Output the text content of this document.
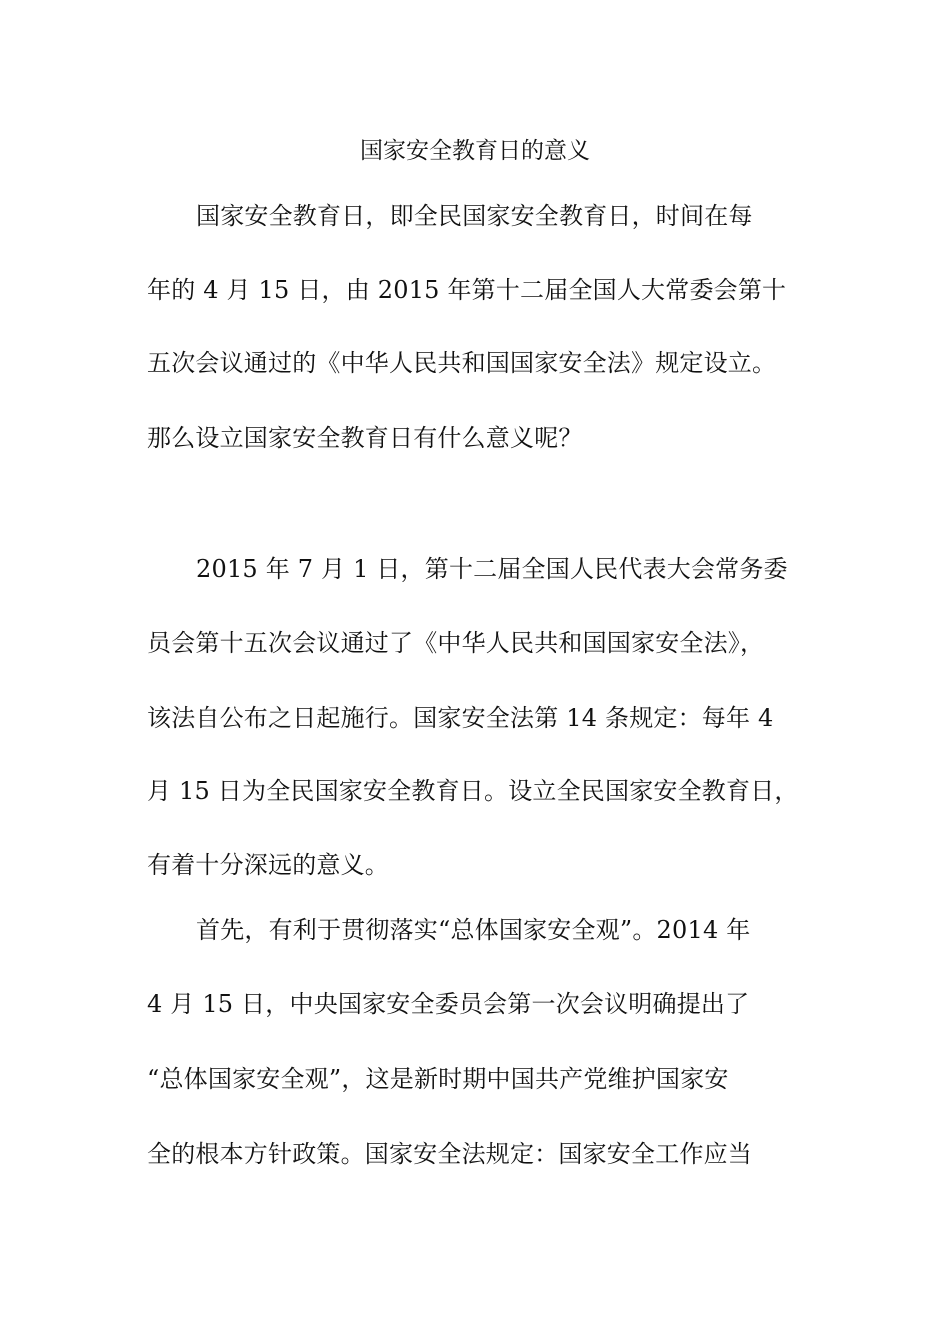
国家安全教育日的意义
国家安全教育日，即全民国家安全教育日，时间在每
年的 4 月 15 日，由 2015 年第十二届全国人大常委会第十
五次会议通过的《中华人民共和国国家安全法》规定设立。
那么设立国家安全教育日有什么意义呢？
2015 年 7 月 1 日，第十二届全国人民代表大会常务委
员会第十五次会议通过了《中华人民共和国国家安全法》，
该法自公布之日起施行。国家安全法第 14 条规定：每年 4
月 15 日为全民国家安全教育日。设立全民国家安全教育日，
有着十分深远的意义。
首先，有利于贯彻落实“总体国家安全观”。2014 年
4 月 15 日，中央国家安全委员会第一次会议明确提出了
“总体国家安全观”，这是新时期中国共产党维护国家安
全的根本方针政策。国家安全法规定：国家安全工作应当
